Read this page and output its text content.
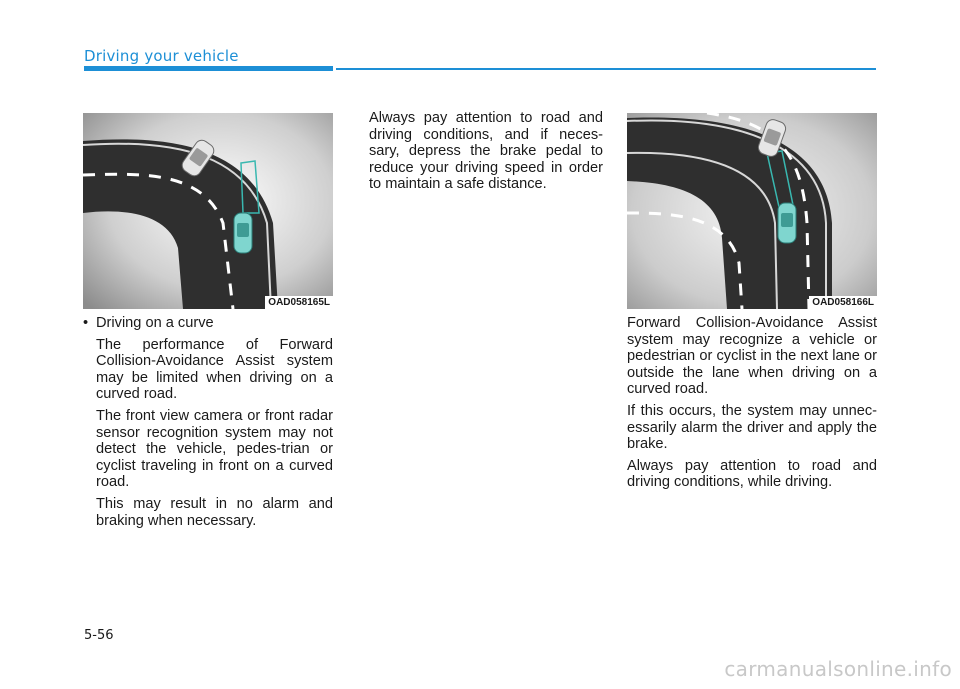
Driving your vehicle
OAD058165L	OAD058166L
• Driving on a curve

The performance of Forward Collision-Avoidance Assist system may be limited when driving on a curved road.

The front view camera or front radar sensor recognition system may not detect the vehicle, pedes-trian or cyclist traveling in front on a curved road.

This may result in no alarm and braking when necessary.

Always pay attention to road and driving conditions, and if neces-sary, depress the brake pedal to reduce your driving speed in order to maintain a safe distance.

Forward Collision-Avoidance Assist system may recognize a vehicle or pedestrian or cyclist in the next lane or outside the lane when driving on a curved road.

If this occurs, the system may unnec-essarily alarm the driver and apply the brake.

Always pay attention to road and driving conditions, while driving.

5-56
carmanualsonline.info
